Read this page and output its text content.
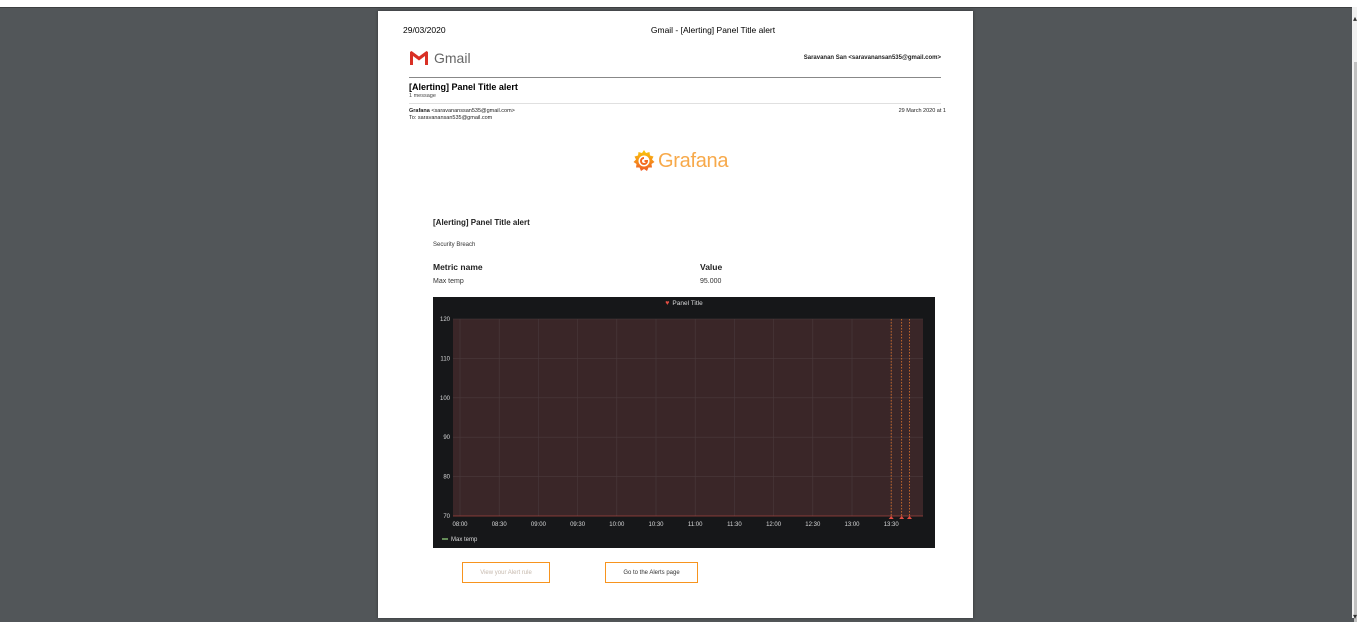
▴
▾
29/03/2020	Gmail - [Alerting] Panel Title alert
Gmail	Saravanan San <saravanansan535@gmail.com>
[Alerting] Panel Title alert
1 message
Grafana <saravananssan535@gmail.com>
To: saravanansan535@gmail.com
29 March 2020 at 1
Grafana
[Alerting] Panel Title alert
Security Breach
Metric name	Value
Max temp	95.000
♥ Panel Title
70
80
90
100
110
120
08:00	08:30	09:00	09:30	10:00	10:30	11:00	11:30	12:00	12:30	13:00	13:30
Max temp
View your Alert rule	Go to the Alerts page
